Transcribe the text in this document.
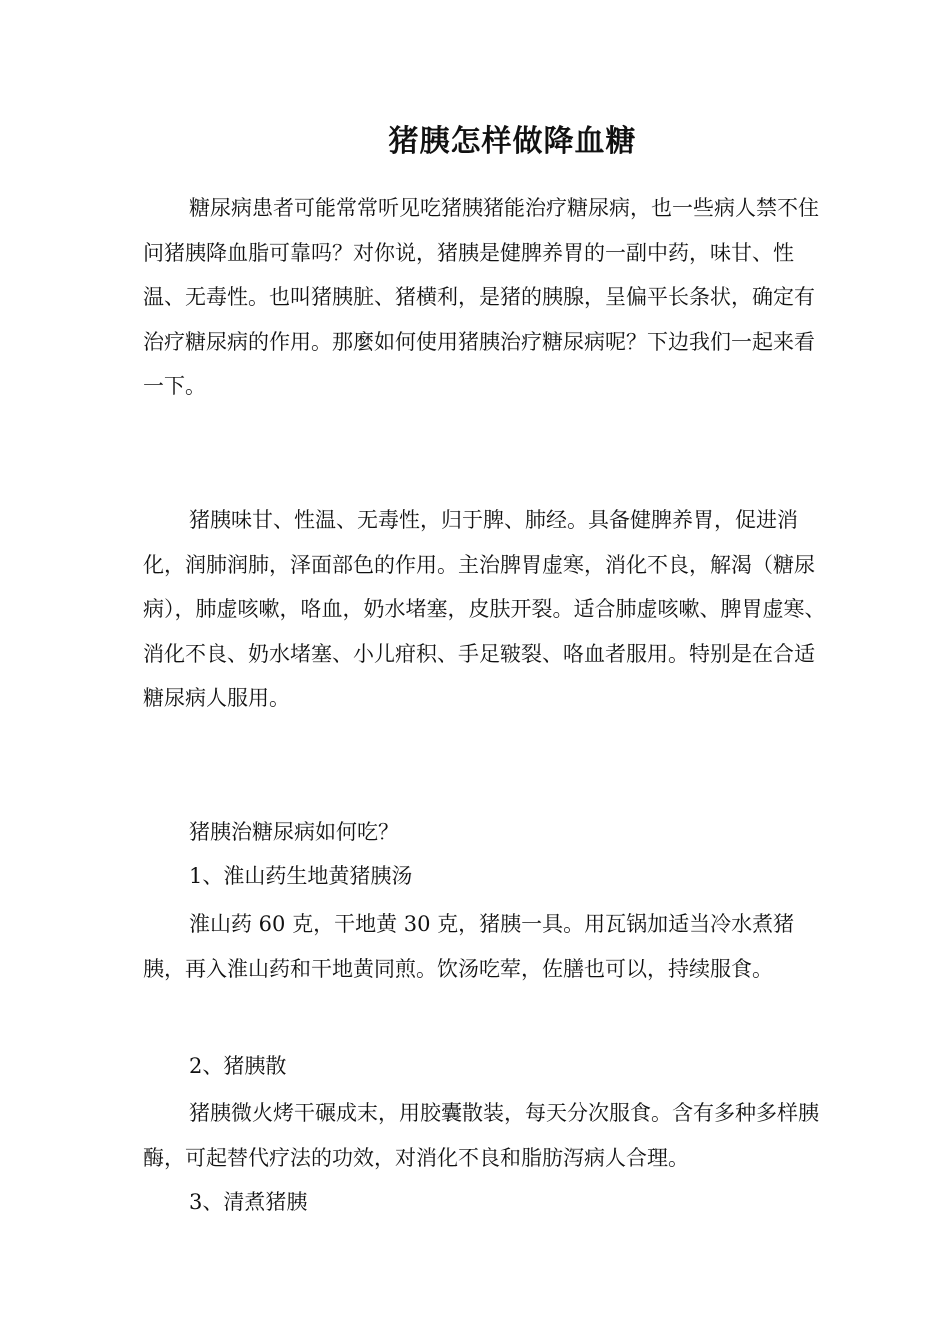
猪胰怎样做降血糖

糖尿病患者可能常常听见吃猪胰猪能治疗糖尿病，也一些病人禁不住问猪胰降血脂可靠吗？对你说，猪胰是健脾养胃的一副中药，味甘、性温、无毒性。也叫猪胰脏、猪横利，是猪的胰腺，呈偏平长条状，确定有治疗糖尿病的作用。那麼如何使用猪胰治疗糖尿病呢？下边我们一起来看一下。

猪胰味甘、性温、无毒性，归于脾、肺经。具备健脾养胃，促进消化，润肺润肺，泽面部色的作用。主治脾胃虚寒，消化不良，解渴（糖尿病），肺虚咳嗽，咯血，奶水堵塞，皮肤开裂。适合肺虚咳嗽、脾胃虚寒、消化不良、奶水堵塞、小儿疳积、手足皲裂、咯血者服用。特别是在合适糖尿病人服用。

猪胰治糖尿病如何吃？

1、淮山药生地黄猪胰汤

淮山药 60 克，干地黄 30 克，猪胰一具。用瓦锅加适当冷水煮猪胰，再入淮山药和干地黄同煎。饮汤吃荤，佐膳也可以，持续服食。

2、猪胰散

猪胰微火烤干碾成末，用胶囊散装，每天分次服食。含有多种多样胰酶，可起替代疗法的功效，对消化不良和脂肪泻病人合理。

3、清煮猪胰
